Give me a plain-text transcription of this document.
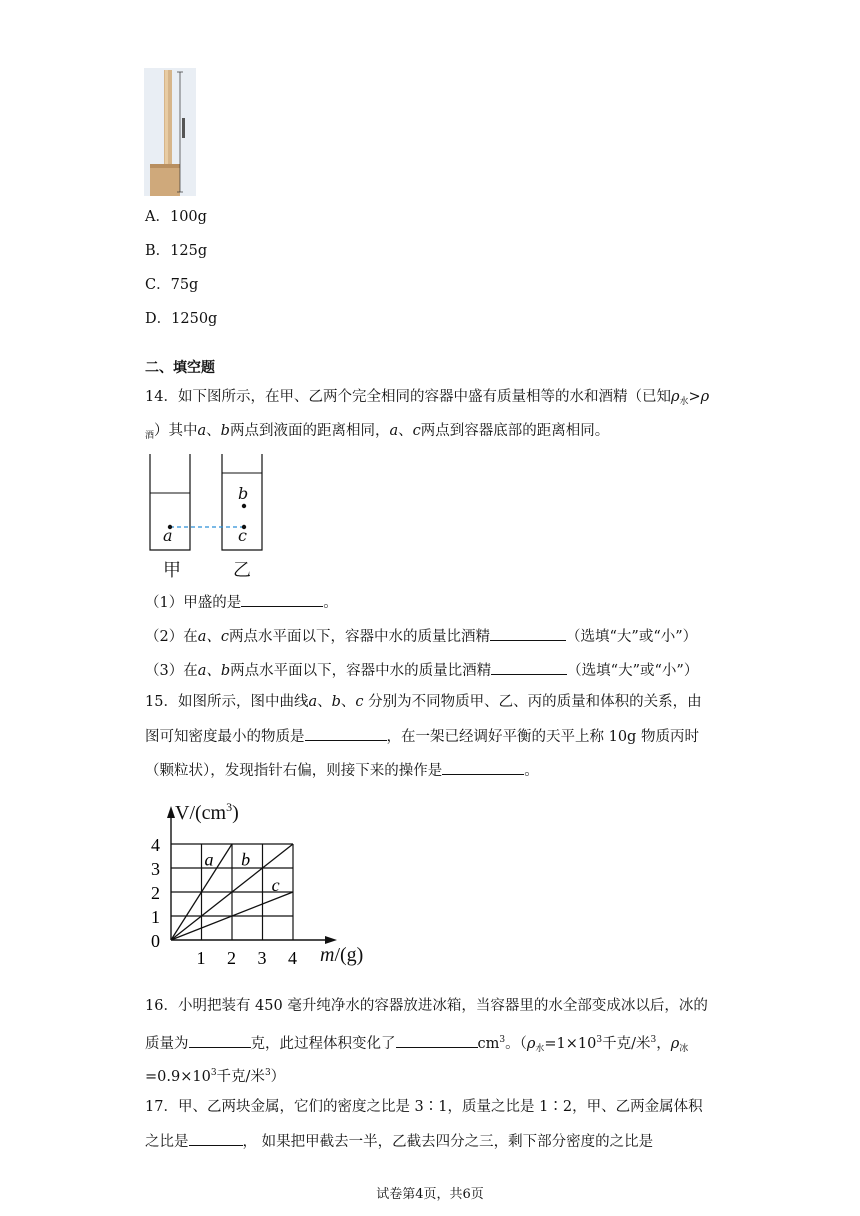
A．100g
B．125g
C．75g
D．1250g
二、填空题
14．如下图所示，在甲、乙两个完全相同的容器中盛有质量相等的水和酒精（已知$\rho_水>\rho$
$_酒$）其中a、b两点到液面的距离相同，a、c两点到容器底部的距离相同。
a
b
c
甲	乙
（1）甲盛的是	。
（2）在a、c两点水平面以下，容器中水的质量比酒精	（选填“大”或“小”）
（3）在a、b两点水平面以下，容器中水的质量比酒精	（选填“大”或“小”）
15．如图所示，图中曲线a、b、c 分别为不同物质甲、乙、丙的质量和体积的关系，由
图可知密度最小的物质是	，在一架已经调好平衡的天平上称 10g 物质丙时
（颗粒状），发现指针右偏，则接下来的操作是	。
0
1
2
3
4
1 2 3 4
a b
c
$V/(cm^3)$
m/(g)
16．小明把装有 450 毫升纯净水的容器放进冰箱，当容器里的水全部变成冰以后，冰的
质量为	克，此过程体积变化了	$cm^3$。（$\rho_水=1\times 10^3$千克/米$^3$，$\rho_冰$
$=0.9\times 10^3$千克/米$^3$）
17．甲、乙两块金属，它们的密度之比是 3∶1，质量之比是 1∶2，甲、乙两金属体积
之比是	， 如果把甲截去一半，乙截去四分之三，剩下部分密度的之比是
试卷第4页，共6页
